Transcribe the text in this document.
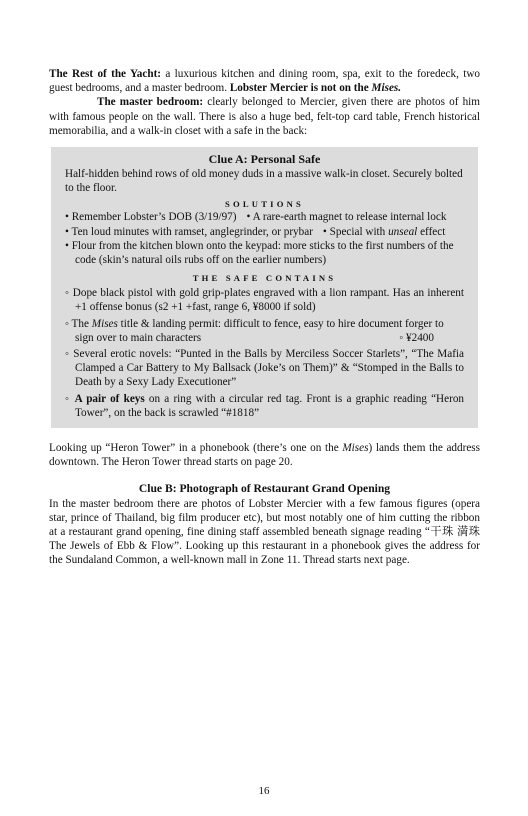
The Rest of the Yacht: a luxurious kitchen and dining room, spa, exit to the foredeck, two guest bedrooms, and a master bedroom. Lobster Mercier is not on the Mises.

The master bedroom: clearly belonged to Mercier, given there are photos of him with famous people on the wall. There is also a huge bed, felt-top card table, French historical memorabilia, and a walk-in closet with a safe in the back:

Clue A: Personal Safe
Half-hidden behind rows of old money duds in a massive walk-in closet. Securely bolted to the floor.
SOLUTIONS
• Remember Lobster’s DOB (3/19/97) • A rare-earth magnet to release internal lock
• Ten loud minutes with ramset, anglegrinder, or prybar • Special with unseal effect
• Flour from the kitchen blown onto the keypad: more sticks to the first numbers of the code (skin’s natural oils rubs off on the earlier numbers)
THE SAFE CONTAINS
◦ Dope black pistol with gold grip-plates engraved with a lion rampant. Has an inherent +1 offense bonus (s2 +1 +fast, range 6, ¥8000 if sold)
◦ The Mises title & landing permit: difficult to fence, easy to hire document forger to
sign over to main characters	◦ ¥2400
◦ Several erotic novels: “Punted in the Balls by Merciless Soccer Starlets”, “The Mafia Clamped a Car Battery to My Ballsack (Joke’s on Them)” & “Stomped in the Balls to Death by a Sexy Lady Executioner”
◦ A pair of keys on a ring with a circular red tag. Front is a graphic reading “Heron Tower”, on the back is scrawled “#1818”

Looking up “Heron Tower” in a phonebook (there’s one on the Mises) lands them the address downtown. The Heron Tower thread starts on page 20.

Clue B: Photograph of Restaurant Grand Opening

In the master bedroom there are photos of Lobster Mercier with a few famous figures (opera star, prince of Thailand, big film producer etc), but most notably one of him cutting the ribbon at a restaurant grand opening, fine dining staff assembled beneath signage reading “干珠 満珠 The Jewels of Ebb & Flow”. Looking up this restaurant in a phonebook gives the address for the Sundaland Common, a well-known mall in Zone 11. Thread starts next page.

16
